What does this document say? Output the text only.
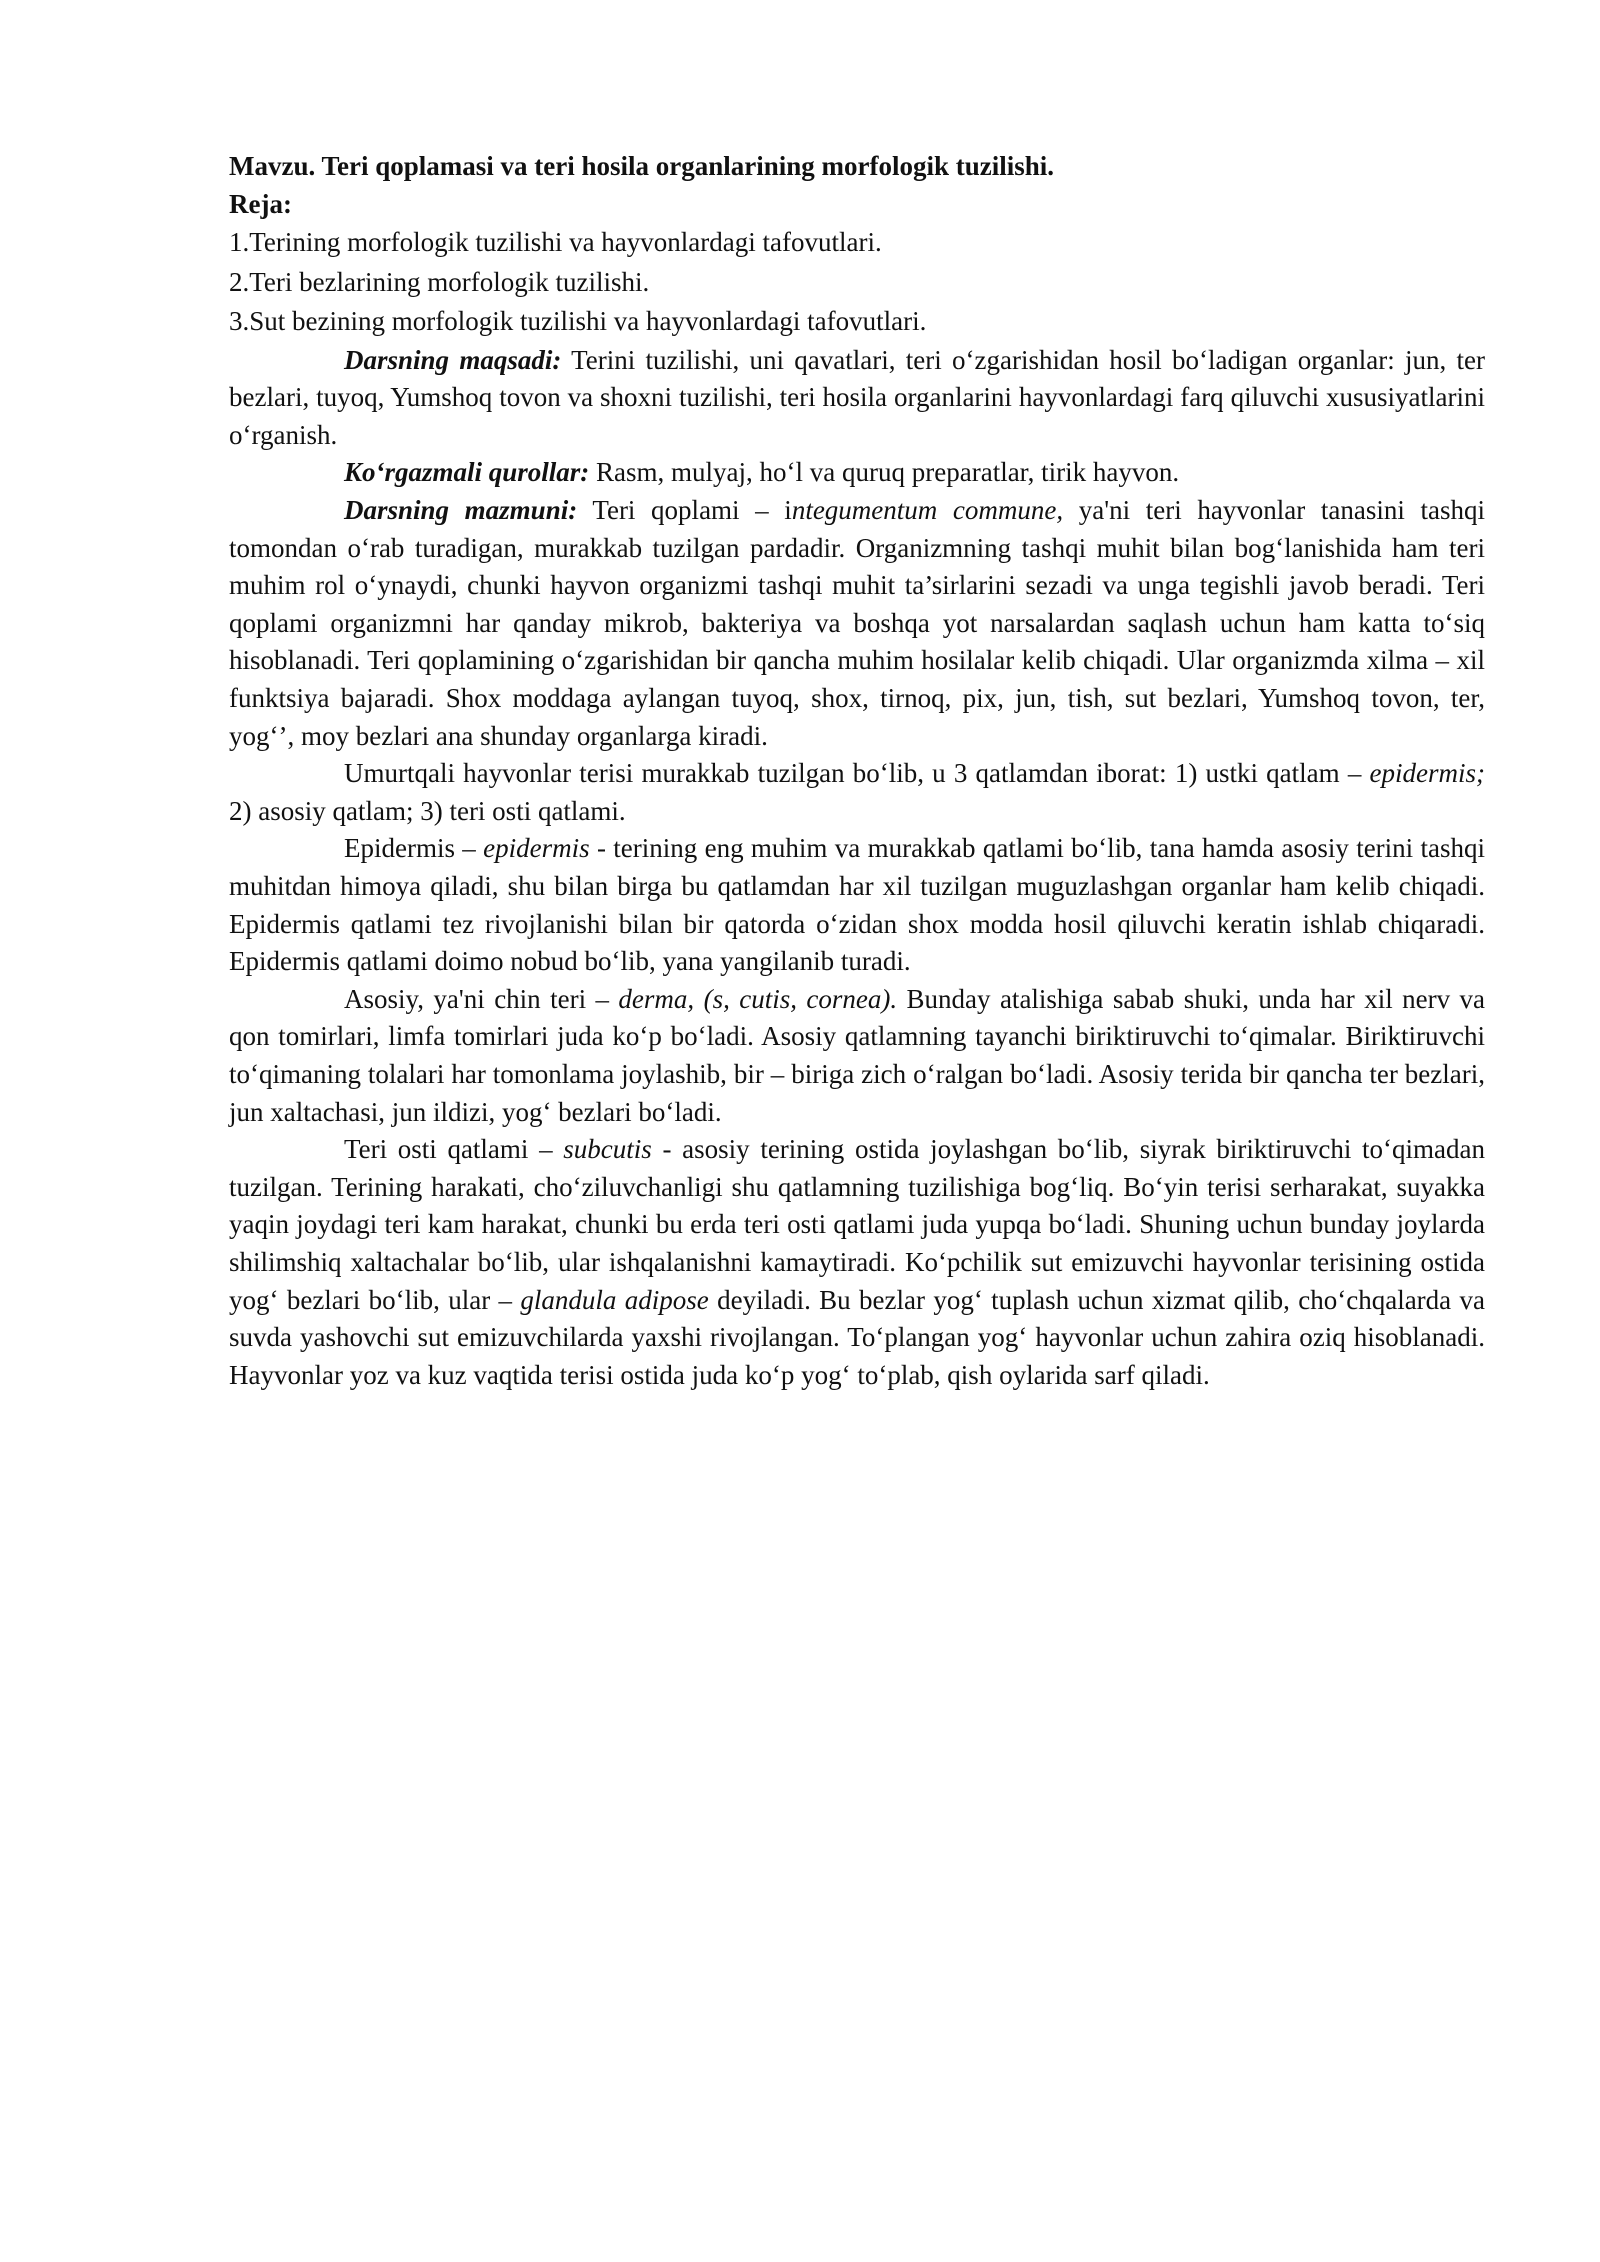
Mavzu. Teri qoplamasi va teri hosila organlarining morfologik tuzilishi.

Reja:

1.Terining morfologik tuzilishi va hayvonlardagi tafovutlari.

2.Teri bezlarining morfologik tuzilishi.

3.Sut bezining morfologik tuzilishi va hayvonlardagi tafovutlari.

Darsning maqsadi: Terini tuzilishi, uni qavatlari, teri o‘zgarishidan hosil bo‘ladigan organlar: jun, ter bezlari, tuyoq, Yumshoq tovon va shoxni tuzilishi, teri hosila organlarini hayvonlardagi farq qiluvchi xususiyatlarini o‘rganish.

Ko‘rgazmali qurollar: Rasm, mulyaj, ho‘l va quruq preparatlar, tirik hayvon.

Darsning mazmuni: Teri qoplami – integumentum commune, ya'ni teri hayvonlar tanasini tashqi tomondan o‘rab turadigan, murakkab tuzilgan pardadir. Organizmning tashqi muhit bilan bog‘lanishida ham teri muhim rol o‘ynaydi, chunki hayvon organizmi tashqi muhit ta’sirlarini sezadi va unga tegishli javob beradi. Teri qoplami organizmni har qanday mikrob, bakteriya va boshqa yot narsalardan saqlash uchun ham katta to‘siq hisoblanadi. Teri qoplamining o‘zgarishidan bir qancha muhim hosilalar kelib chiqadi. Ular organizmda xilma – xil funktsiya bajaradi. Shox moddaga aylangan tuyoq, shox, tirnoq, pix, jun, tish, sut bezlari, Yumshoq tovon, ter, yog‘’, moy bezlari ana shunday organlarga kiradi.

Umurtqali hayvonlar terisi murakkab tuzilgan bo‘lib, u 3 qatlamdan iborat: 1) ustki qatlam – epidermis; 2) asosiy qatlam; 3) teri osti qatlami.

Epidermis – epidermis - terining eng muhim va murakkab qatlami bo‘lib, tana hamda asosiy terini tashqi muhitdan himoya qiladi, shu bilan birga bu qatlamdan har xil tuzilgan muguzlashgan organlar ham kelib chiqadi. Epidermis qatlami tez rivojlanishi bilan bir qatorda o‘zidan shox modda hosil qiluvchi keratin ishlab chiqaradi. Epidermis qatlami doimo nobud bo‘lib, yana yangilanib turadi.

Asosiy, ya'ni chin teri – derma, (s, cutis, cornea). Bunday atalishiga sabab shuki, unda har xil nerv va qon tomirlari, limfa tomirlari juda ko‘p bo‘ladi. Asosiy qatlamning tayanchi biriktiruvchi to‘qimalar. Biriktiruvchi to‘qimaning tolalari har tomonlama joylashib, bir – biriga zich o‘ralgan bo‘ladi. Asosiy terida bir qancha ter bezlari, jun xaltachasi, jun ildizi, yog‘ bezlari bo‘ladi.

Teri osti qatlami – subcutis - asosiy terining ostida joylashgan bo‘lib, siyrak biriktiruvchi to‘qimadan tuzilgan. Terining harakati, cho‘ziluvchanligi shu qatlamning tuzilishiga bog‘liq. Bo‘yin terisi serharakat, suyakka yaqin joydagi teri kam harakat, chunki bu erda teri osti qatlami juda yupqa bo‘ladi. Shuning uchun bunday joylarda shilimshiq xaltachalar bo‘lib, ular ishqalanishni kamaytiradi. Ko‘pchilik sut emizuvchi hayvonlar terisining ostida yog‘ bezlari bo‘lib, ular – glandula adipose deyiladi. Bu bezlar yog‘ tuplash uchun xizmat qilib, cho‘chqalarda va suvda yashovchi sut emizuvchilarda yaxshi rivojlangan. To‘plangan yog‘ hayvonlar uchun zahira oziq hisoblanadi. Hayvonlar yoz va kuz vaqtida terisi ostida juda ko‘p yog‘ to‘plab, qish oylarida sarf qiladi.
